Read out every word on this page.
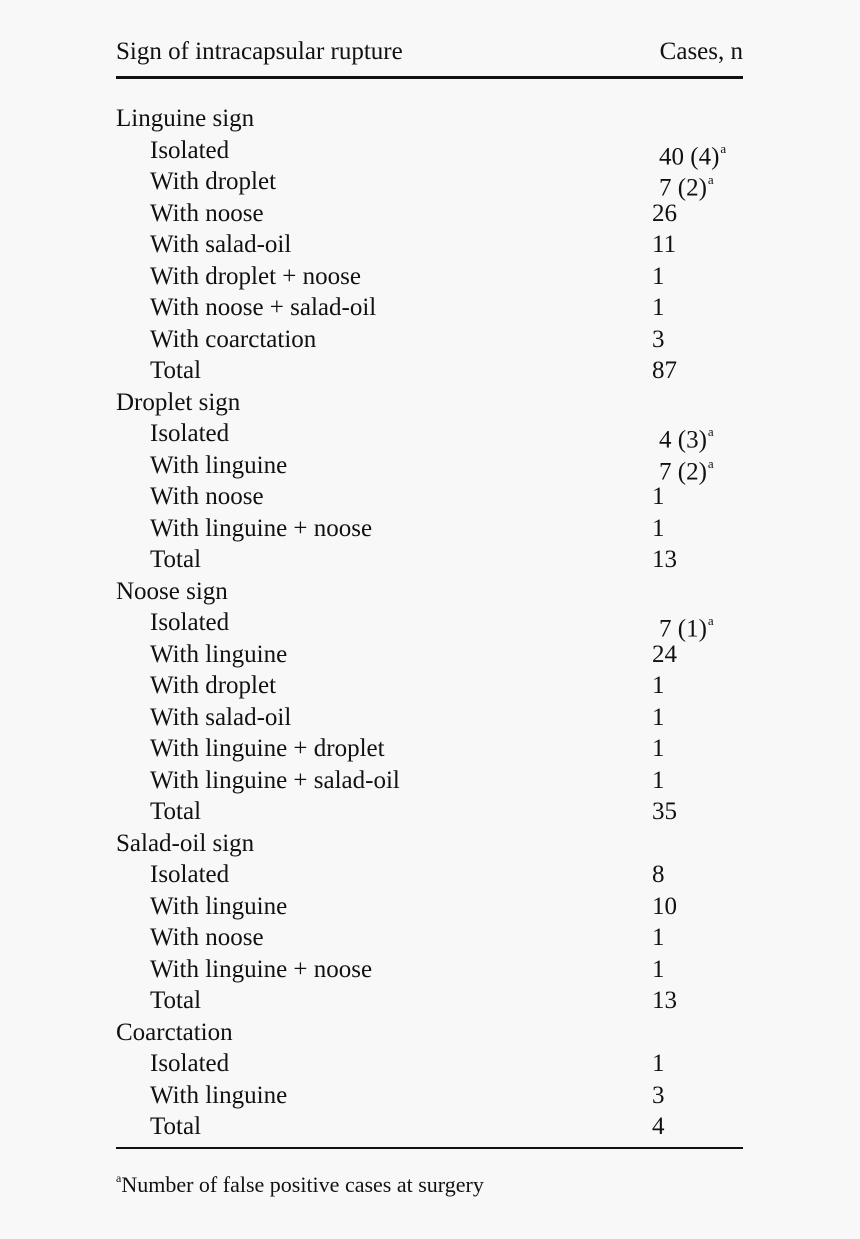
Sign of intracapsular rupture	Cases, n
Linguine sign
Isolated	40 $(4)^a$
With droplet	7 $(2)^a$
With noose	26
With salad-oil	11
With droplet + noose	1
With noose + salad-oil	1
With coarctation	3
Total	87
Droplet sign
Isolated	4 $(3)^a$
With linguine	7 $(2)^a$
With noose	1
With linguine + noose	1
Total	13
Noose sign
Isolated	7 $(1)^a$
With linguine	24
With droplet	1
With salad-oil	1
With linguine + droplet	1
With linguine + salad-oil	1
Total	35
Salad-oil sign
Isolated	8
With linguine	10
With noose	1
With linguine + noose	1
Total	13
Coarctation
Isolated	1
With linguine	3
Total	4
$^a$Number of false positive cases at surgery
